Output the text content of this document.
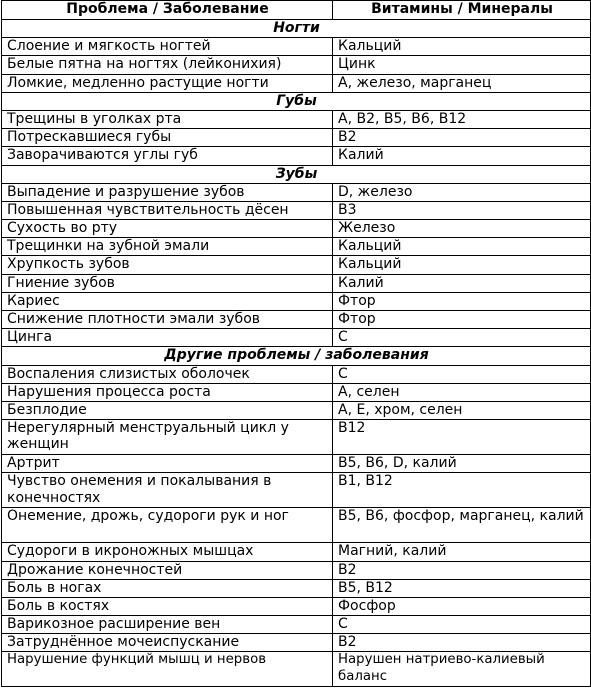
Проблема / Заболевание	Витамины / Минералы
Ногти	
Слоение и мягкость ногтей	Кальций
Белые пятна на ногтях (лейконихия)	Цинк
Ломкие, медленно растущие ногти	A, железо, марганец
Губы	
Трещины в уголках рта	A, B2, B5, B6, B12
Потрескавшиеся губы	B2
Заворачиваются углы губ	Калий
Зубы	
Выпадение и разрушение зубов	D, железо
Повышенная чувствительность дёсен	B3
Сухость во рту	Железо
Трещинки на зубной эмали	Кальций
Хрупкость зубов	Кальций
Гниение зубов	Калий
Кариес	Фтор
Снижение плотности эмали зубов	Фтор
Цинга	C
Другие проблемы / заболевания	
Воспаления слизистых оболочек	C
Нарушения процесса роста	A, селен
Безплодие	A, E, хром, селен
Нерегулярный менструальный цикл у женщин	B12
Артрит	B5, B6, D, калий
Чувство онемения и покалывания в конечностях	B1, B12
Онемение, дрожь, судороги рук и ног	B5, B6, фосфор, марганец, калий
Судороги в икроножных мышцах	Магний, калий
Дрожание конечностей	B2
Боль в ногах	B5, B12
Боль в костях	Фосфор
Варикозное расширение вен	C
Затруднённое мочеиспускание	B2
Нарушение функций мышц и нервов	Нарушен натриево-калиевый баланс
